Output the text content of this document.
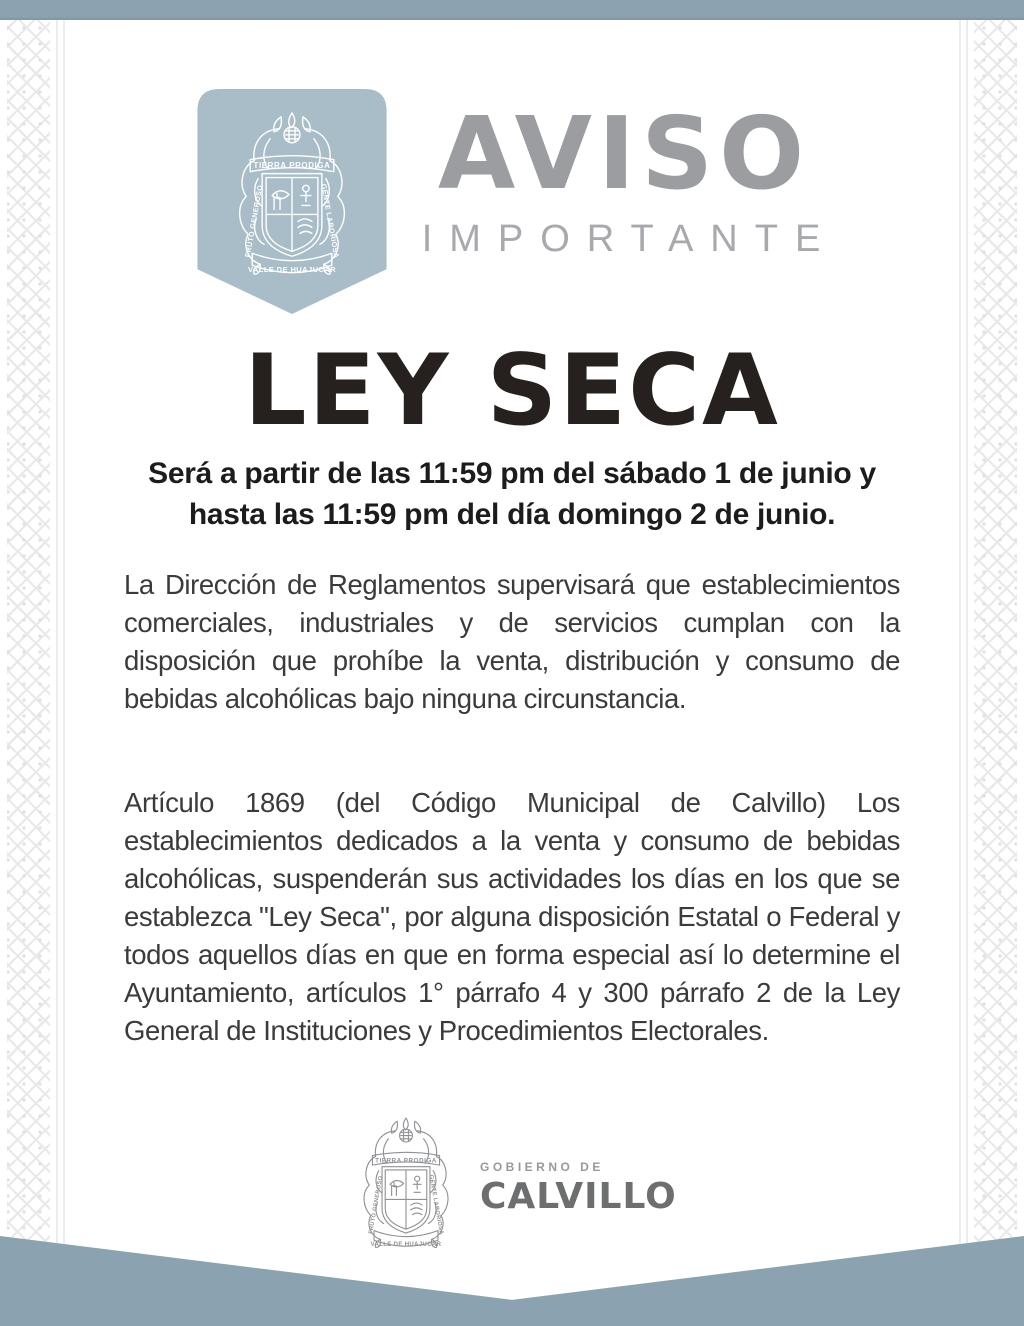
AVISO
IMPORTANTE
LEY SECA
Será a partir de las 11:59 pm del sábado 1 de junio y
hasta las 11:59 pm del día domingo 2 de junio.

La Dirección de Reglamentos supervisará que establecimientos comerciales, industriales y de servicios cumplan con la disposición que prohíbe la venta, distribución y consumo de bebidas alcohólicas bajo ninguna circunstancia.

Artículo 1869 (del Código Municipal de Calvillo) Los establecimientos dedicados a la venta y consumo de bebidas alcohólicas, suspenderán sus actividades los días en los que se establezca "Ley Seca", por alguna disposición Estatal o Federal y todos aquellos días en que en forma especial así lo determine el Ayuntamiento, artículos 1° párrafo 4 y 300 párrafo 2 de la Ley General de Instituciones y Procedimientos Electorales.

GOBIERNO DE
CALVILLO
